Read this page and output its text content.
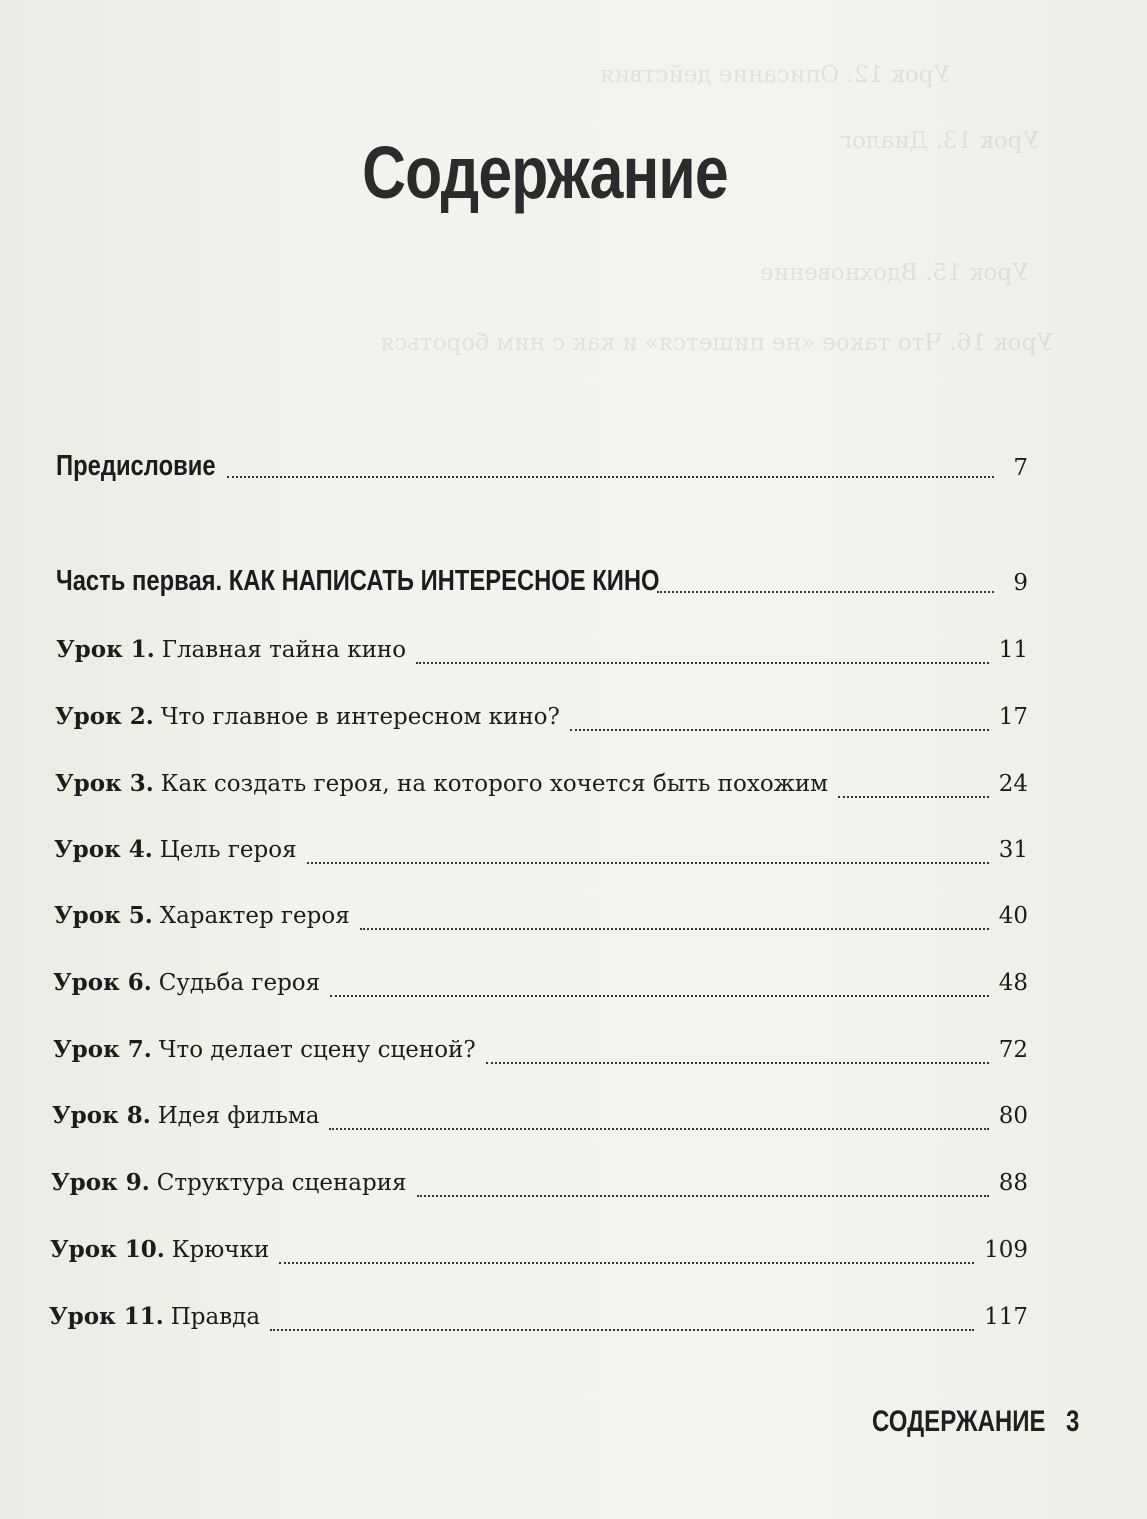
Урок 12. Описание действия
Урок 13. Диалог
Урок 15. Вдохновение
Урок 16. Что такое «не пишется» и как с ним бороться
Содержание
Предисловие	7
Часть первая. КАК НАПИСАТЬ ИНТЕРЕСНОЕ КИНО	9
Урок 1. Главная тайна кино	11
Урок 2. Что главное в интересном кино?	17
Урок 3. Как создать героя, на которого хочется быть похожим	24
Урок 4. Цель героя	31
Урок 5. Характер героя	40
Урок 6. Судьба героя	48
Урок 7. Что делает сцену сценой?	72
Урок 8. Идея фильма	80
Урок 9. Структура сценария	88
Урок 10. Крючки	109
Урок 11. Правда	117
СОДЕРЖАНИЕ 3
